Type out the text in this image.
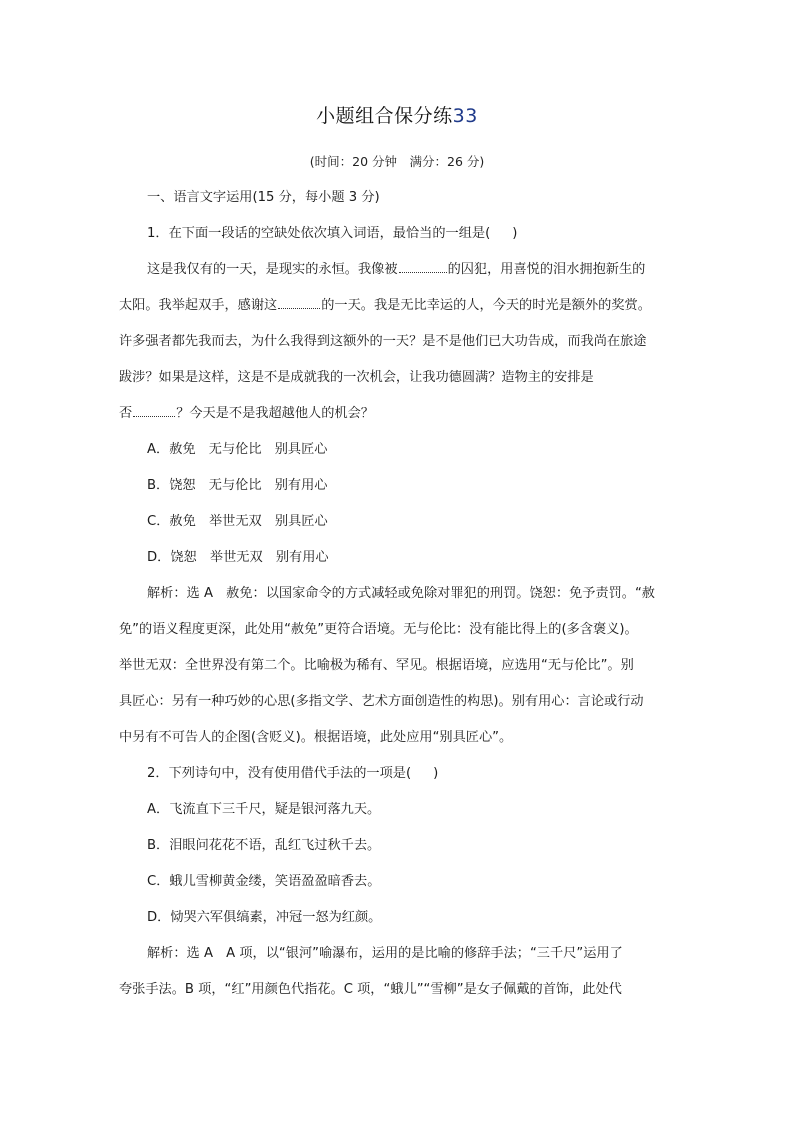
小题组合保分练33
(时间：20 分钟　满分：26 分)
一、语言文字运用(15 分，每小题 3 分)
1．在下面一段话的空缺处依次填入词语，最恰当的一组是( )
这是我仅有的一天，是现实的永恒。我像被	的囚犯，用喜悦的泪水拥抱新生的
太阳。我举起双手，感谢这	的一天。我是无比幸运的人，今天的时光是额外的奖赏。
许多强者都先我而去，为什么我得到这额外的一天？是不是他们已大功告成，而我尚在旅途
跋涉？如果是这样，这是不是成就我的一次机会，让我功德圆满？造物主的安排是
否	？今天是不是我超越他人的机会？
A．赦免　无与伦比　别具匠心
B．饶恕　无与伦比　别有用心
C．赦免　举世无双　别具匠心
D．饶恕　举世无双　别有用心
解析：选 A　赦免：以国家命令的方式减轻或免除对罪犯的刑罚。饶恕：免予责罚。“赦
免”的语义程度更深，此处用“赦免”更符合语境。无与伦比：没有能比得上的(多含褒义)。
举世无双：全世界没有第二个。比喻极为稀有、罕见。根据语境，应选用“无与伦比”。别
具匠心：另有一种巧妙的心思(多指文学、艺术方面创造性的构思)。别有用心：言论或行动
中另有不可告人的企图(含贬义)。根据语境，此处应用“别具匠心”。
2．下列诗句中，没有使用借代手法的一项是( )
A．飞流直下三千尺，疑是银河落九天。
B．泪眼问花花不语，乱红飞过秋千去。
C．蛾儿雪柳黄金缕，笑语盈盈暗香去。
D．恸哭六军俱缟素，冲冠一怒为红颜。
解析：选 A　A 项，以“银河”喻瀑布，运用的是比喻的修辞手法；“三千尺”运用了
夸张手法。B 项，“红”用颜色代指花。C 项，“蛾儿”“雪柳”是女子佩戴的首饰，此处代
